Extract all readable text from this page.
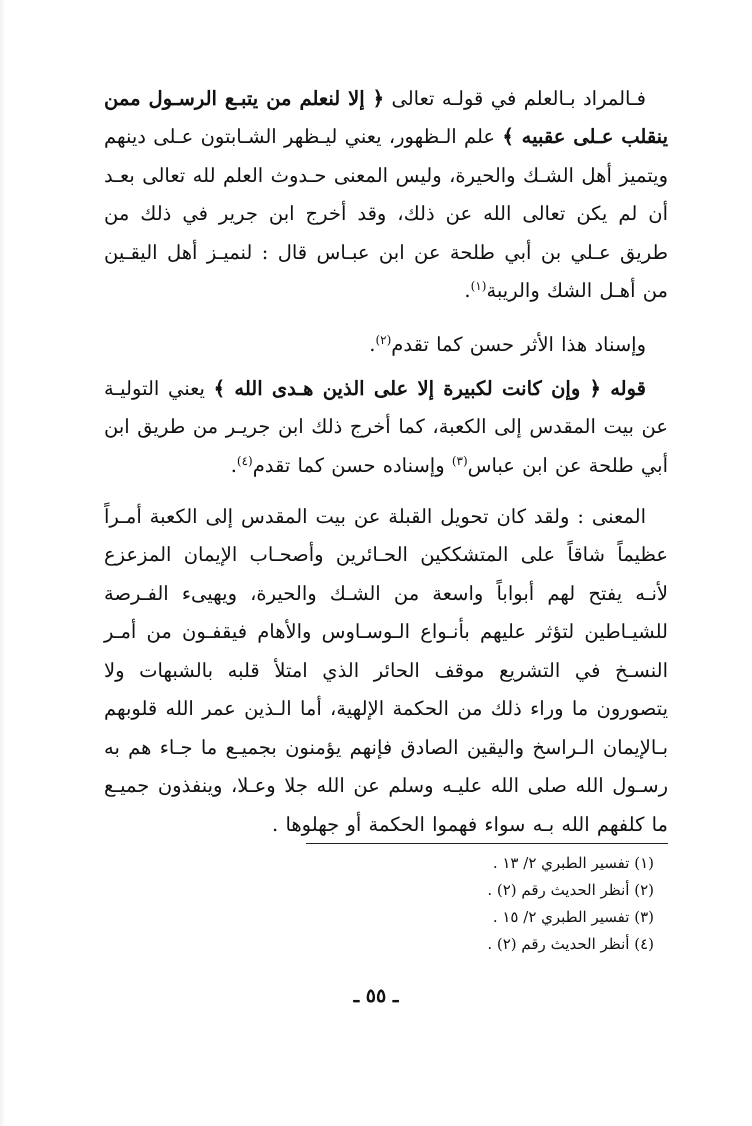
فـالمراد بـالعلم في قولـه تعالى ﴿ إلا لنعلم من يتبـع الرسـول ممن ينقلب عـلى عقبيه ﴾ علم الـظهور، يعني ليـظهر الشـابتون عـلى دينهم ويتميز أهل الشـك والحيرة، وليس المعنى حـدوث العلم لله تعالى بعـد أن لم يكن تعالى الله عن ذلك، وقد أخرج ابن جرير في ذلك من طريق عـلي بن أبي طلحة عن ابن عبـاس قال : لنميـز أهل اليقـين من أهـل الشك والريبة$^{(١)}$.

وإسناد هذا الأثر حسن كما تقدم$^{(٢)}$.

قوله ﴿ وإن كانت لكبيرة إلا على الذين هـدى الله ﴾ يعني التوليـة عن بيت المقدس إلى الكعبة، كما أخرج ذلك ابن جريـر من طريق ابن أبي طلحة عن ابن عباس$^{(٣)}$ وإسناده حسن كما تقدم$^{(٤)}$.

المعنى : ولقد كان تحويل القبلة عن بيت المقدس إلى الكعبة أمـراً عظيماً شاقاً على المتشككين الحـائرين وأصحـاب الإيمان المزعزع لأنـه يفتح لهم أبواباً واسعة من الشـك والحيرة، ويهيىء الفـرصة للشيـاطين لتؤثر عليهم بأنـواع الـوسـاوس والأهام فيقفـون من أمـر النسـخ في التشريع موقف الحائر الذي امتلأ قلبه بالشبهات ولا يتصورون ما وراء ذلك من الحكمة الإلهية، أما الـذين عمر الله قلوبهم بـالإيمان الـراسخ واليقين الصادق فإنهم يؤمنون بجميـع ما جـاء هم به رسـول الله صلى الله عليـه وسلم عن الله جلا وعـلا، وينفذون جميـع ما كلفهم الله بـه سواء فهموا الحكمة أو جهلوها .

(١) تفسير الطبري ٢/ ١٣ .
(٢) أنظر الحديث رقم (٢) .
(٣) تفسير الطبري ٢/ ١٥ .
(٤) أنظر الحديث رقم (٢) .
ـ ٥٥ ـ
